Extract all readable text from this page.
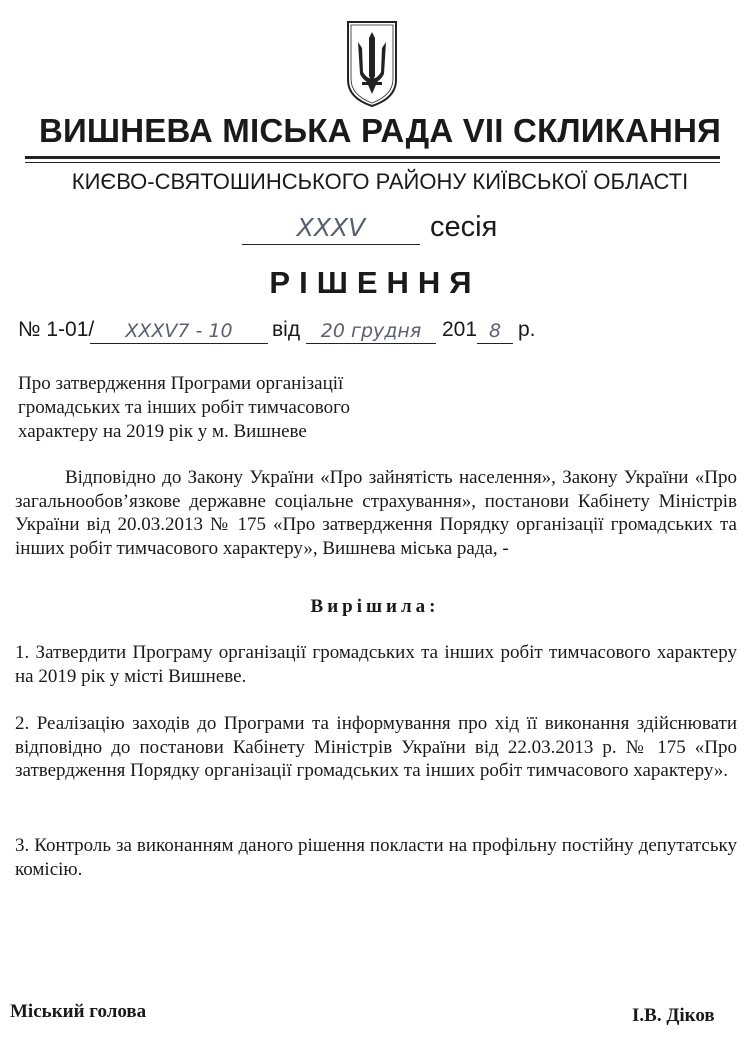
ВИШНЕВА МІСЬКА РАДА VII СКЛИКАННЯ
КИЄВО-СВЯТОШИНСЬКОГО РАЙОНУ КИЇВСЬКОЇ ОБЛАСТІ
XXXV	сесія
РІШЕННЯ
№ 1-01/	XXXV7 - 10	від	20 грудня 201 8 р.
Про затвердження Програми організації громадських та інших робіт тимчасового характеру на 2019 рік у м. Вишневе
Відповідно до Закону України «Про зайнятість населення», Закону України «Про загальнообов’язкове державне соціальне страхування», постанови Кабінету Міністрів України від 20.03.2013 № 175 «Про затвердження Порядку організації громадських та інших робіт тимчасового характеру», Вишнева міська рада, -
Вирішила:
1. Затвердити Програму організації громадських та інших робіт тимчасового характеру на 2019 рік у місті Вишневе.
2. Реалізацію заходів до Програми та інформування про хід її виконання здійснювати відповідно до постанови Кабінету Міністрів України від 22.03.2013 р. № 175 «Про затвердження Порядку організації громадських та інших робіт тимчасового характеру».
3. Контроль за виконанням даного рішення покласти на профільну постійну депутатську комісію.
Міський голова	І.В. Діков
